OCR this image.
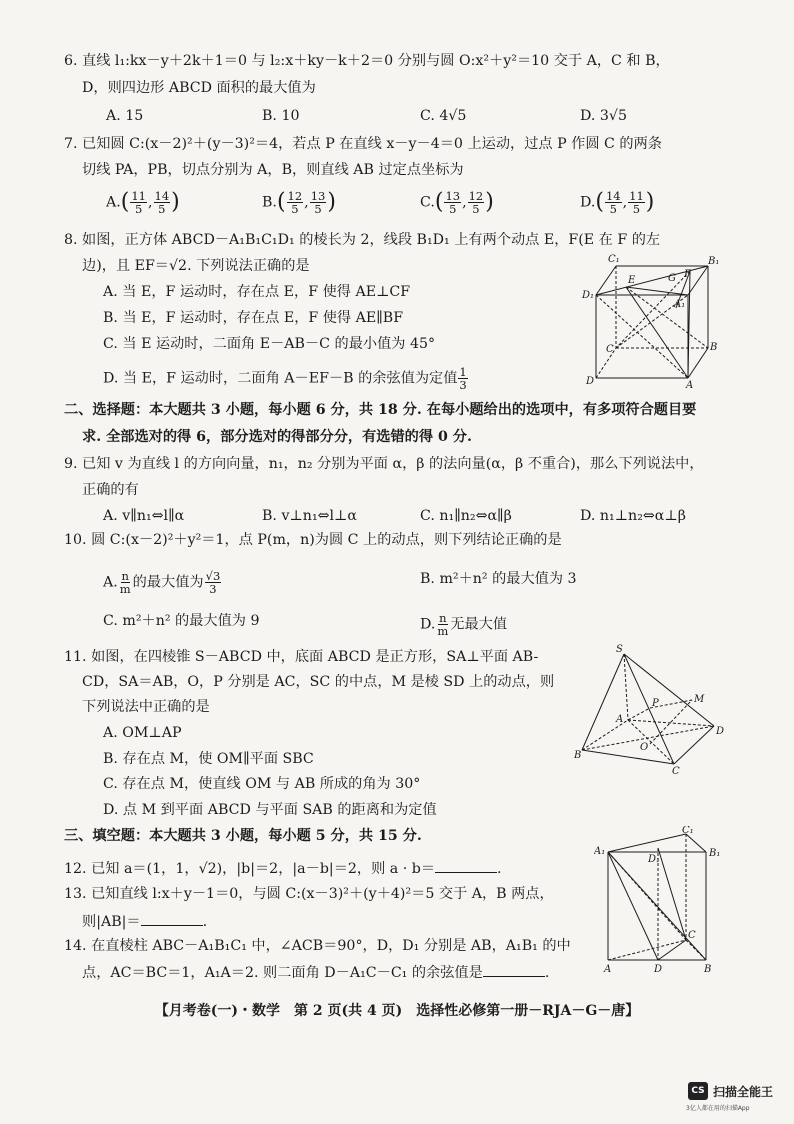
6. 直线 l₁:kx－y＋2k＋1＝0 与 l₂:x＋ky－k＋2＝0 分别与圆 O:x²＋y²＝10 交于 A，C 和 B，
D，则四边形 ABCD 面积的最大值为
A. 15	B. 10	C. 4√5	D. 3√5
7. 已知圆 C:(x－2)²＋(y－3)²＝4，若点 P 在直线 x－y－4＝0 上运动，过点 P 作圆 C 的两条
切线 PA，PB，切点分别为 A，B，则直线 AB 过定点坐标为
$A.( \frac{11}{5}$ , $\frac{14}{5}$ )	$B.( \frac{12}{5}$ , $\frac{13}{5}$ )	$C.( \frac{13}{5}$ , $\frac{12}{5}$ )	$D.( \frac{14}{5}$ , $\frac{11}{5}$ )
8. 如图，正方体 ABCD－A₁B₁C₁D₁ 的棱长为 2，线段 B₁D₁ 上有两个动点 E，F(E 在 F 的左
边)，且 EF＝√2. 下列说法正确的是
A. 当 E，F 运动时，存在点 E，F 使得 AE⊥CF
B. 当 E，F 运动时，存在点 E，F 使得 AE∥BF
C. 当 E 运动时，二面角 E－AB－C 的最小值为 45°
D. 当 E，F 运动时，二面角 A－EF－B 的余弦值为定值 $\frac{1}{3}$
C₁	B₁
D₁
A₁
E
F
G
C	B
D	A
二、选择题：本大题共 3 小题，每小题 6 分，共 18 分. 在每小题给出的选项中，有多项符合题目要
求. 全部选对的得 6，部分选对的得部分分，有选错的得 0 分.
9. 已知 v 为直线 l 的方向向量，n₁，n₂ 分别为平面 α，β 的法向量(α，β 不重合)，那么下列说法中，
正确的有
A. v∥n₁⇔l∥α	B. v⊥n₁⇔l⊥α	C. n₁∥n₂⇔α∥β	D. n₁⊥n₂⇔α⊥β
10. 圆 C:(x－2)²＋y²＝1，点 P(m，n)为圆 C 上的动点，则下列结论正确的是
A. $\frac{n}{m}$ 的最大值为 $\frac{√3}{3}$	B. m²＋n² 的最大值为 3
C. m²＋n² 的最大值为 9	D. $\frac{n}{m}$ 无最大值
11. 如图，在四棱锥 S－ABCD 中，底面 ABCD 是正方形，SA⊥平面 AB-
CD，SA＝AB，O，P 分别是 AC，SC 的中点，M 是棱 SD 上的动点，则
下列说法中正确的是
A. OM⊥AP
B. 存在点 M，使 OM∥平面 SBC
C. 存在点 M，使直线 OM 与 AB 所成的角为 30°
D. 点 M 到平面 ABCD 与平面 SAB 的距离和为定值
S
M
P
A
D
O
B
C
三、填空题：本大题共 3 小题，每小题 5 分，共 15 分.
12. 已知 a＝(1，1，√2)，|b|＝2，|a－b|＝2，则 a · b＝	.
13. 已知直线 l:x＋y－1＝0，与圆 C:(x－3)²＋(y＋4)²＝5 交于 A，B 两点，
则|AB|＝	.
14. 在直棱柱 ABC－A₁B₁C₁ 中，∠ACB＝90°，D，D₁ 分别是 AB，A₁B₁ 的中
点，AC＝BC＝1，A₁A＝2. 则二面角 D－A₁C－C₁ 的余弦值是	.
C₁
A₁
D₁
B₁
C
A	D	B
【月考卷(一)・数学　第 2 页(共 4 页)　选择性必修第一册－RJA－G－唐】
CS 扫描全能王
3亿人都在用的扫描App
